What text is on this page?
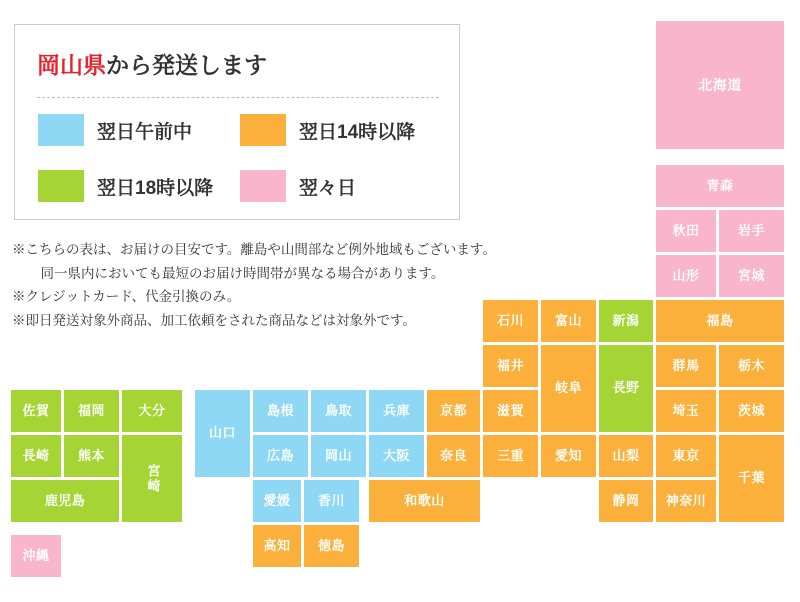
岡山県から発送します
翌日午前中	翌日14時以降
翌日18時以降	翌々日
※こちらの表は、お届けの目安です。離島や山間部など例外地域もございます。
　同一県内においても最短のお届け時間帯が異なる場合があります。
※クレジットカード、代金引換のみ。
※即日発送対象外商品、加工依頼をされた商品などは対象外です。
北海道
青森
秋田	岩手
山形	宮城
福島
石川	富山	新潟
福井
岐阜	長野
群馬	栃木
埼玉	茨城
島根	鳥取	兵庫	京都	滋賀
山口
広島	岡山	大阪	奈良	三重	愛知	山梨	東京
千葉
静岡	神奈川
愛媛	香川	和歌山
高知	徳島
佐賀	福岡	大分
長崎	熊本
宮崎
鹿児島
沖縄
